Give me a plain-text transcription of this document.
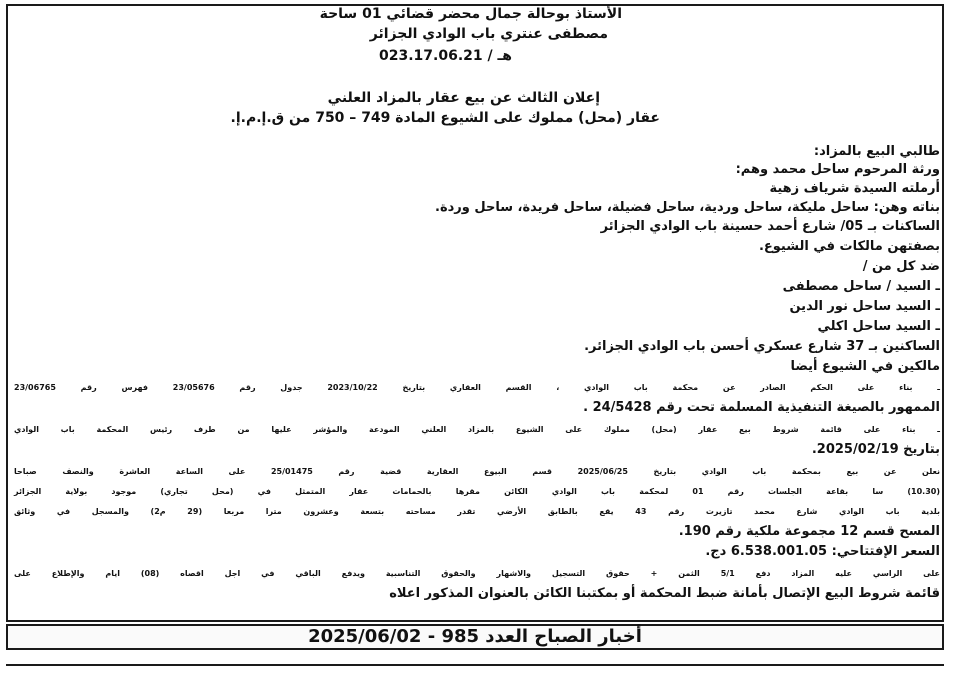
الأستاذ بوحالة جمال محضر قضائي 01 ساحة
مصطفى عنتري باب الوادي الجزائر
هـ / 023.17.06.21
إعلان الثالث عن بيع عقار بالمزاد العلني
عقار (محل) مملوك على الشيوع المادة 749 – 750 من ق.إ.م.إ.
طالبي البيع بالمزاد:
ورثة المرحوم ساحل محمد وهم:
أرملته السيدة شرياف زهية
بناته وهن: ساحل مليكة، ساحل وردية، ساحل فضيلة، ساحل فريدة، ساحل وردة.
الساكنات بـ 05/ شارع أحمد حسينة باب الوادي الجزائر
بصفتهن مالكات في الشيوع.
ضد كل من /
ـ السيد / ساحل مصطفى
ـ السيد ساحل نور الدين
ـ السيد ساحل اكلي
الساكنين بـ 37 شارع عسكري أحسن باب الوادي الجزائر.
مالكين في الشيوع أيضا
ـ بناء على الحكم الصادر عن محكمة باب الوادي ، القسم العقاري بتاريخ 2023/10/22 جدول رقم 23/05676 فهرس رقم 23/06765
الممهور بالصيغة التنفيذية المسلمة تحت رقم 24/5428 .
ـ بناء على قائمة شروط بيع عقار (محل) مملوك على الشيوع بالمزاد العلني المودعة والمؤشر عليها من طرف رئيس المحكمة باب الوادي
بتاريخ 2025/02/19.
نعلن عن بيع بمحكمة باب الوادي بتاريخ 2025/06/25 قسم البيوع العقارية قضية رقم 25/01475 على الساعة العاشرة والنصف صباحا
(10.30) سا بقاعة الجلسات رقم 01 لمحكمة باب الوادي الكائن مقرها بالحمامات عقار المتمثل في (محل تجاري) موجود بولاية الجزائر
بلدية باب الوادي شارع محمد تازيرت رقم 43 يقع بالطابق الأرضي تقدر مساحته بتسعة وعشرون مترا مربعا (29 م2) والمسجل في وثائق
المسح قسم 12 مجموعة ملكية رقم 190.
السعر الإفتتاحي: 6.538.001.05 دج.
على الراسي عليه المزاد دفع 5/1 الثمن + حقوق التسجيل والاشهار والحقوق التناسبية ويدفع الباقي في اجل اقصاه (08) ايام والإطلاع على
قائمة شروط البيع الإتصال بأمانة ضبط المحكمة أو بمكتبنا الكائن بالعنوان المذكور اعلاه
أخبار الصباح العدد 985 - 2025/06/02
